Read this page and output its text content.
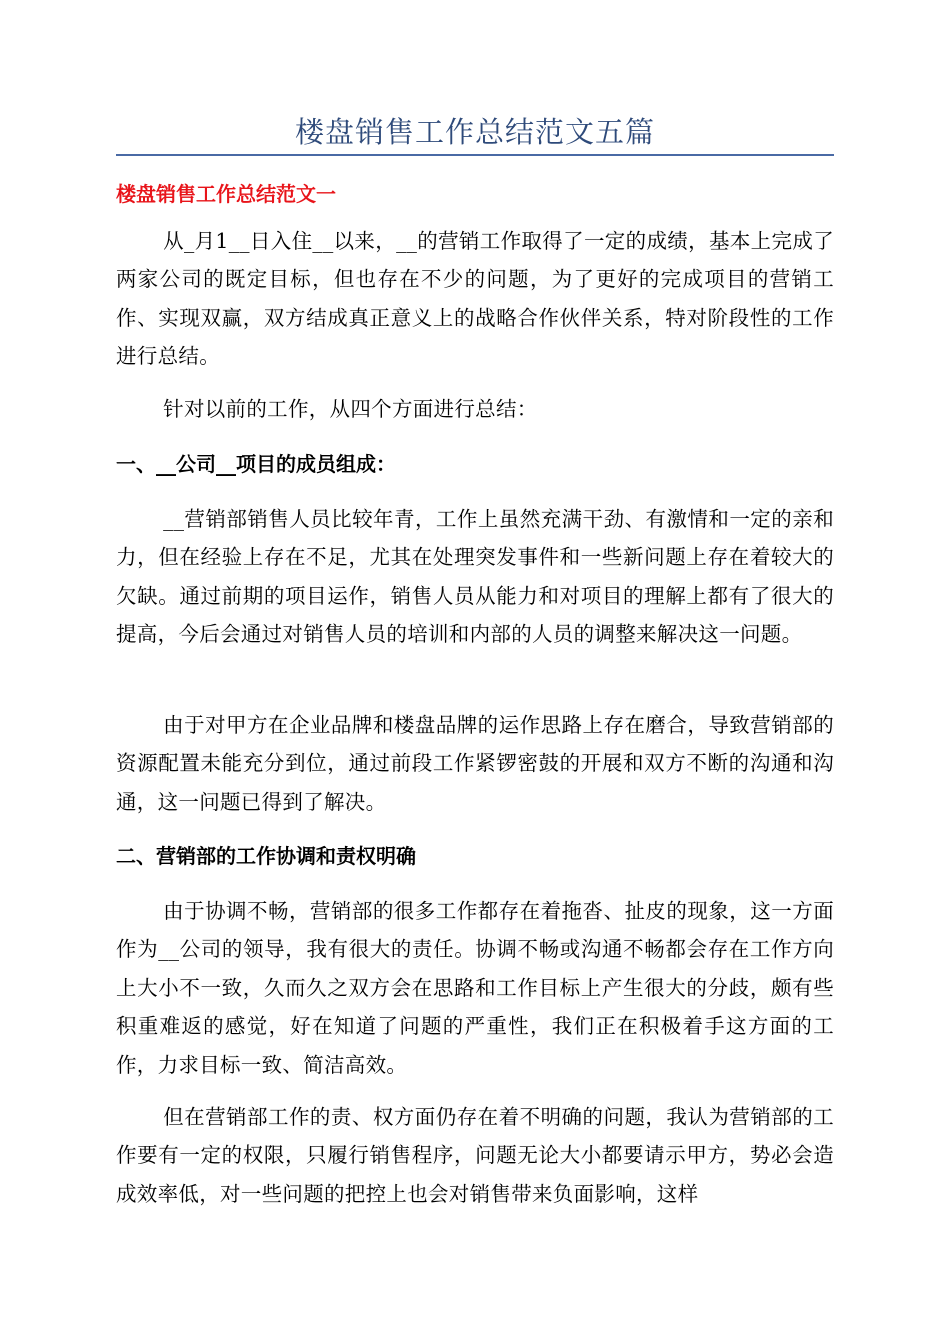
楼盘销售工作总结范文五篇
楼盘销售工作总结范文一
从_月1__日入住__以来，__的营销工作取得了一定的成绩，基本上完成了两家公司的既定目标，但也存在不少的问题，为了更好的完成项目的营销工作、实现双赢，双方结成真正意义上的战略合作伙伴关系，特对阶段性的工作进行总结。
针对以前的工作，从四个方面进行总结：
一、__公司__项目的成员组成：
__营销部销售人员比较年青，工作上虽然充满干劲、有激情和一定的亲和力，但在经验上存在不足，尤其在处理突发事件和一些新问题上存在着较大的欠缺。通过前期的项目运作，销售人员从能力和对项目的理解上都有了很大的提高，今后会通过对销售人员的培训和内部的人员的调整来解决这一问题。
由于对甲方在企业品牌和楼盘品牌的运作思路上存在磨合，导致营销部的资源配置未能充分到位，通过前段工作紧锣密鼓的开展和双方不断的沟通和沟通，这一问题已得到了解决。
二、营销部的工作协调和责权明确
由于协调不畅，营销部的很多工作都存在着拖沓、扯皮的现象，这一方面作为__公司的领导，我有很大的责任。协调不畅或沟通不畅都会存在工作方向上大小不一致，久而久之双方会在思路和工作目标上产生很大的分歧，颇有些积重难返的感觉，好在知道了问题的严重性，我们正在积极着手这方面的工作，力求目标一致、简洁高效。
但在营销部工作的责、权方面仍存在着不明确的问题，我认为营销部的工作要有一定的权限，只履行销售程序，问题无论大小都要请示甲方，势必会造成效率低，对一些问题的把控上也会对销售带来负面影响，这样
